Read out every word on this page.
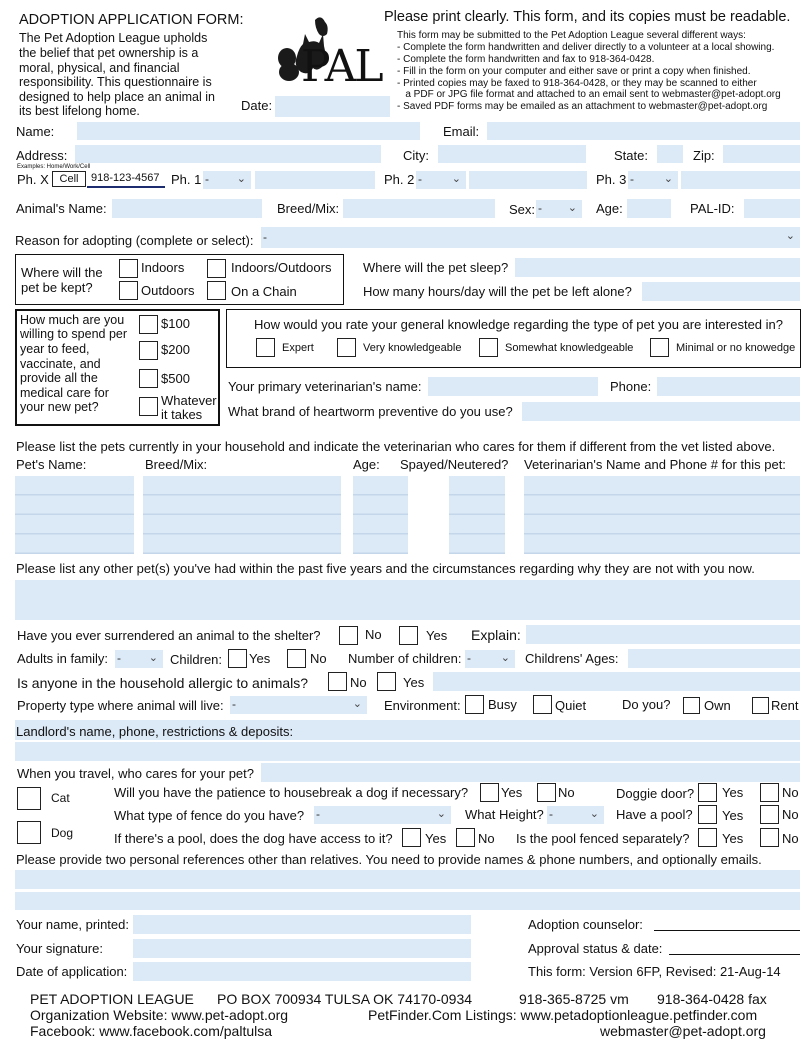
ADOPTION APPLICATION FORM:
The Pet Adoption League upholds
the belief that pet ownership is a
moral, physical, and financial
responsibility. This questionnaire is
designed to help place an animal in
its best lifelong home.
PAL
Date:
Please print clearly. This form, and its copies must be readable.
This form may be submitted to the Pet Adoption League several different ways:
- Complete the form handwritten and deliver directly to a volunteer at a local showing.
- Complete the form handwritten and fax to 918-364-0428.
- Fill in the form on your computer and either save or print a copy when finished.
- Printed copies may be faxed to 918-364-0428, or they may be scanned to either
a PDF or JPG file format and attached to an email sent to webmaster@pet-adopt.org
- Saved PDF forms may be emailed as an attachment to webmaster@pet-adopt.org
Name:	Email:
Address:	City:	State:	Zip:
Examples: Home/Work/Cell
Ph. X Cell	918-123-4567 Ph. 1 -	⌄	Ph. 2 -	⌄	Ph. 3 -	⌄
Animal's Name:	Breed/Mix:	Sex: - ⌄ Age:	PAL-ID:
Reason for adopting (complete or select): -	⌄
Where will the
pet be kept?
Indoors	Indoors/Outdoors
Outdoors	On a Chain
Where will the pet sleep?
How many hours/day will the pet be left alone?
How much are you
willing to spend per
year to feed,
vaccinate, and
provide all the
medical care for
your new pet?
$100
$200
$500
Whatever
it takes
How would you rate your general knowledge regarding the type of pet you are interested in?
Expert	Very knowledgeable	Somewhat knowledgeable	Minimal or no knowedge
Your primary veterinarian's name:	Phone:
What brand of heartworm preventive do you use?
Please list the pets currently in your household and indicate the veterinarian who cares for them if different from the vet listed above.
Pet's Name:	Breed/Mix:	Age: Spayed/Neutered? Veterinarian's Name and Phone # for this pet:
Please list any other pet(s) you've had within the past five years and the circumstances regarding why they are not with you now.
Have you ever surrendered an animal to the shelter?	No	Yes Explain:
Adults in family: -	⌄ Children: Yes	No Number of children: -	⌄ Childrens' Ages:
Is anyone in the household allergic to animals?	No	Yes
Property type where animal will live: -	⌄ Environment: Busy	Quiet	Do you?	Own	Rent
Landlord's name, phone, restrictions & deposits:
When you travel, who cares for your pet?
Cat
Dog
Will you have the patience to housebreak a dog if necessary?	Yes	No	Doggie door? Yes	No
What type of fence do you have? -	⌄ What Height? -	⌄ Have a pool? Yes	No
If there's a pool, does the dog have access to it? Yes No Is the pool fenced separately?	Yes	No
Please provide two personal references other than relatives. You need to provide names & phone numbers, and optionally emails.
Your name, printed:
Your signature:
Date of application:
Adoption counselor:
Approval status & date:
This form: Version 6FP, Revised: 21-Aug-14
PET ADOPTION LEAGUE PO BOX 700934 TULSA OK 74170-0934	918-365-8725 vm 918-364-0428 fax
Organization Website: www.pet-adopt.org	PetFinder.Com Listings: www.petadoptionleague.petfinder.com
Facebook: www.facebook.com/paltulsa	webmaster@pet-adopt.org
